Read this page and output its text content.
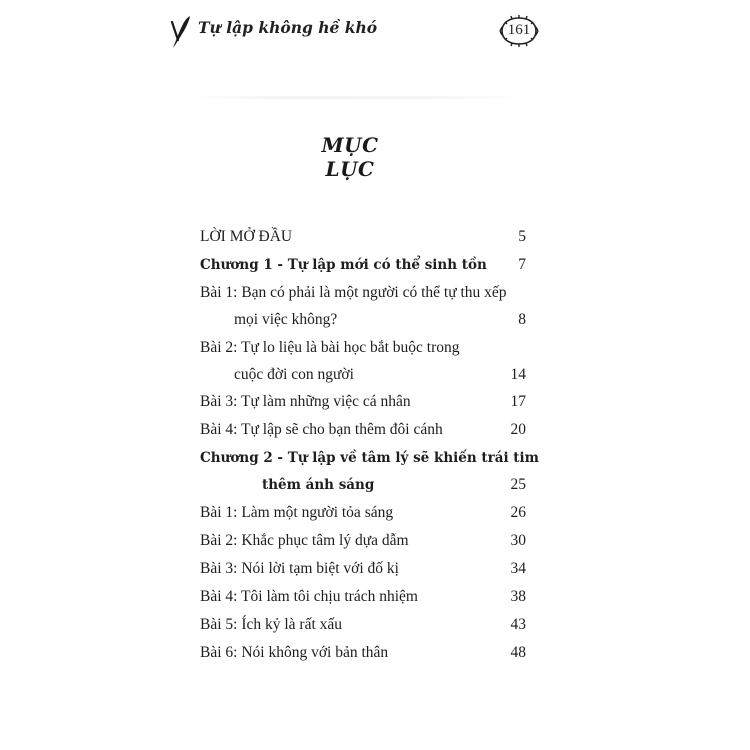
Tự lập không hề khó	161
MỤC LỤC
LỜI MỞ ĐẦU	5
Chương 1 - Tự lập mới có thể sinh tồn	7
Bài 1: Bạn có phải là một người có thể tự thu xếp
mọi việc không?	8
Bài 2: Tự lo liệu là bài học bắt buộc trong
cuộc đời con người	14
Bài 3: Tự làm những việc cá nhân	17
Bài 4: Tự lập sẽ cho bạn thêm đôi cánh	20
Chương 2 - Tự lập về tâm lý sẽ khiến trái tim
thêm ánh sáng	25
Bài 1: Làm một người tỏa sáng	26
Bài 2: Khắc phục tâm lý dựa dẫm	30
Bài 3: Nói lời tạm biệt với đố kị	34
Bài 4: Tôi làm tôi chịu trách nhiệm	38
Bài 5: Ích kỷ là rất xấu	43
Bài 6: Nói không với bản thân	48
